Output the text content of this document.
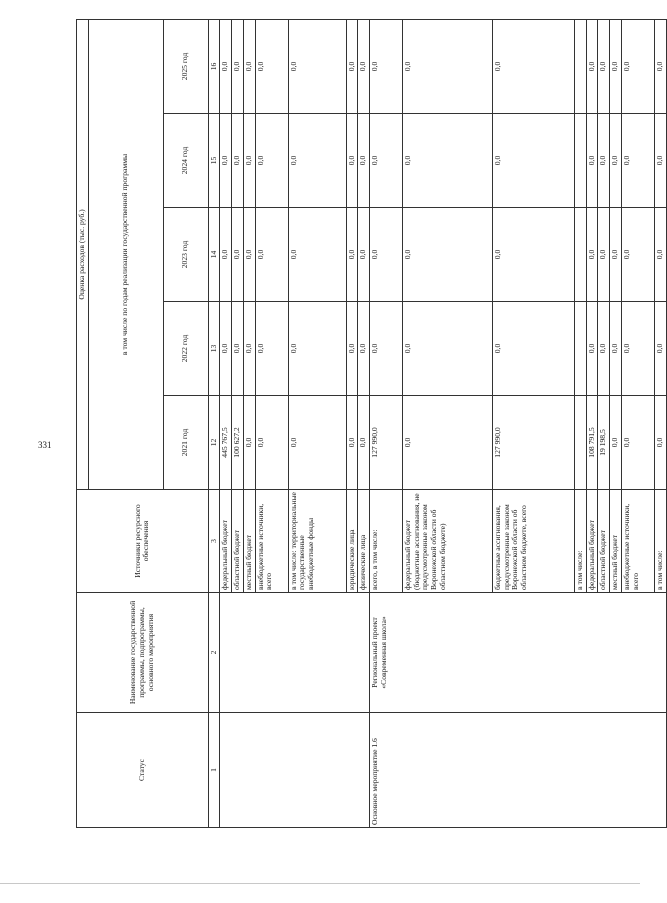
331
Статус	Наименование государственной программы, подпрограммы, основного мероприятия	Источники ресурсного обеспечения	Оценка расходов (тыс. руб.)				
			в том числе по годам реализации государственной программы				
			2021 год	2022 год	2023 год	2024 год	2025 год
1	2	3	12	13	14	15	16
		федеральный бюджет	445 767,5	0,0	0,0	0,0	0,0
		областной бюджет	100 627,2	0,0	0,0	0,0	0,0
		местный бюджет	0,0	0,0	0,0	0,0	0,0
		внебюджетные источники, всего	0,0	0,0	0,0	0,0	0,0
		в том числе: территориальные государственные внебюджетные фонды	0,0	0,0	0,0	0,0	0,0
		юридические лица	0,0	0,0	0,0	0,0	0,0
		физические лица	0,0	0,0	0,0	0,0	0,0
Основное мероприятие 1.6	Региональный проект «Современная школа»	всего, в том числе:	127 990,0	0,0	0,0	0,0	0,0
		федеральный бюджет (бюджетные ассигнования, не предусмотренные законом Воронежской области об областном бюджете)	0,0	0,0	0,0	0,0	0,0
		бюджетные ассигнования, предусмотренные законом Воронежской области об областном бюджете, всего	127 990,0	0,0	0,0	0,0	0,0
		в том числе:					
		федеральный бюджет	108 791,5	0,0	0,0	0,0	0,0
		областной бюджет	19 198,5	0,0	0,0	0,0	0,0
		местный бюджет	0,0	0,0	0,0	0,0	0,0
		внебюджетные источники, всего	0,0	0,0	0,0	0,0	0,0
		в том числе:	0,0	0,0	0,0	0,0	0,0
